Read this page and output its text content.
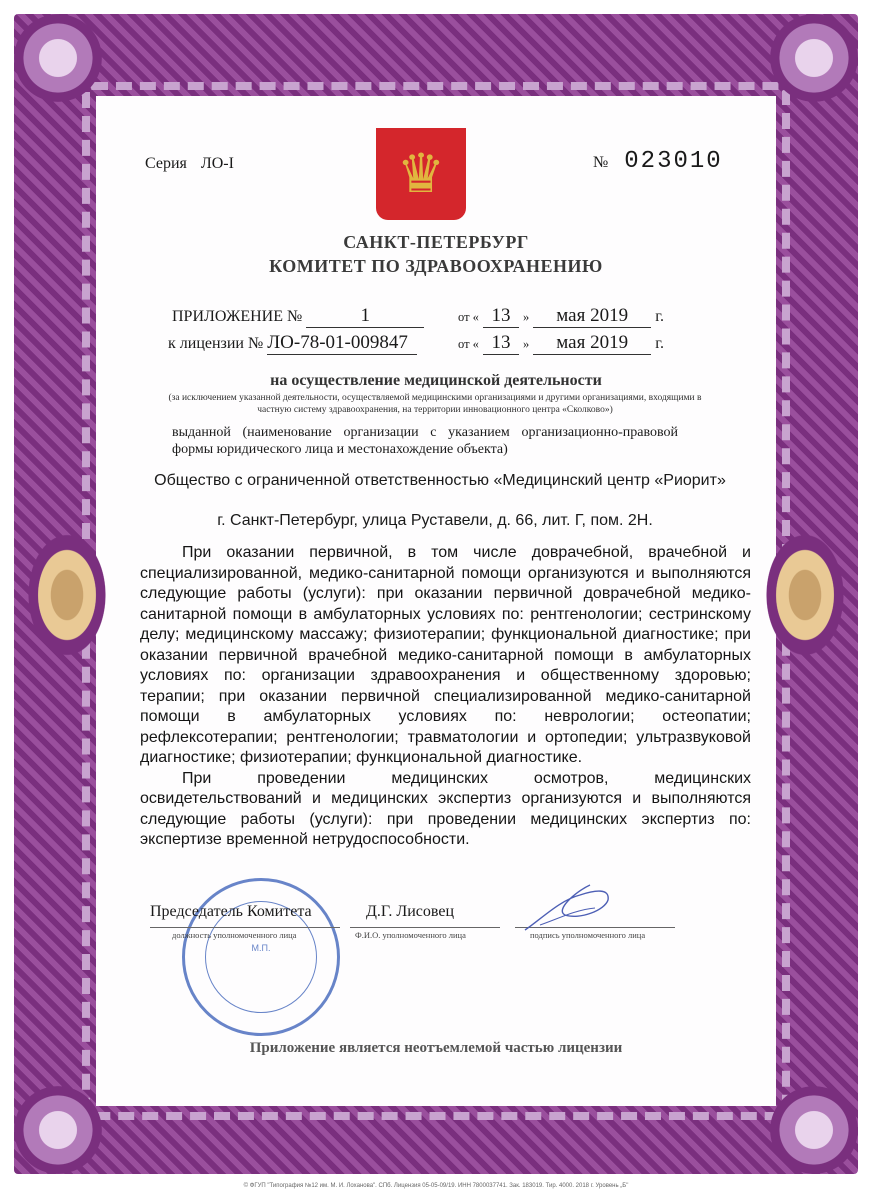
♛
Серия ЛО-I	№ 023010
САНКТ-ПЕТЕРБУРГ
КОМИТЕТ ПО ЗДРАВООХРАНЕНИЮ
ПРИЛОЖЕНИЕ №	1	от « 13 » мая 2019 г.
к лицензии № ЛО-78-01-009847	от « 13 » мая 2019 г.
на осуществление медицинской деятельности
(за исключением указанной деятельности, осуществляемой медицинскими организациями и другими организациями, входящими в частную систему здравоохранения, на территории инновационного центра «Сколково»)
выданной (наименование организации с указанием организационно-правовой формы юридического лица и местонахождение объекта)
Общество с ограниченной ответственностью «Медицинский центр «Риорит»
г. Санкт-Петербург, улица Руставели, д. 66, лит. Г, пом. 2Н.

При оказании первичной, в том числе доврачебной, врачебной и специализированной, медико-санитарной помощи организуются и выполняются следующие работы (услуги): при оказании первичной доврачебной медико-санитарной помощи в амбулаторных условиях по: рентгенологии; сестринскому делу; медицинскому массажу; физиотерапии; функциональной диагностике; при оказании первичной врачебной медико-санитарной помощи в амбулаторных условиях по: организации здравоохранения и общественному здоровью; терапии; при оказании первичной специализированной медико-санитарной помощи в амбулаторных условиях по: неврологии; остеопатии; рефлексотерапии; рентгенологии; травматологии и ортопедии; ультразвуковой диагностике; физиотерапии; функциональной диагностике.

При проведении медицинских осмотров, медицинских освидетельствований и медицинских экспертиз организуются и выполняются следующие работы (услуги): при проведении медицинских экспертиз по: экспертизе временной нетрудоспособности.

М.П.
Председатель Комитета	Д.Г. Лисовец
должность уполномоченного лица	Ф.И.О. уполномоченного лица	подпись уполномоченного лица
Приложение является неотъемлемой частью лицензии
© ФГУП "Типография №12 им. М. И. Лоханова". СПб. Лицензия 05-05-09/19. ИНН 7800037741. Зак. 183019. Тир. 4000. 2018 г. Уровень „Б"
